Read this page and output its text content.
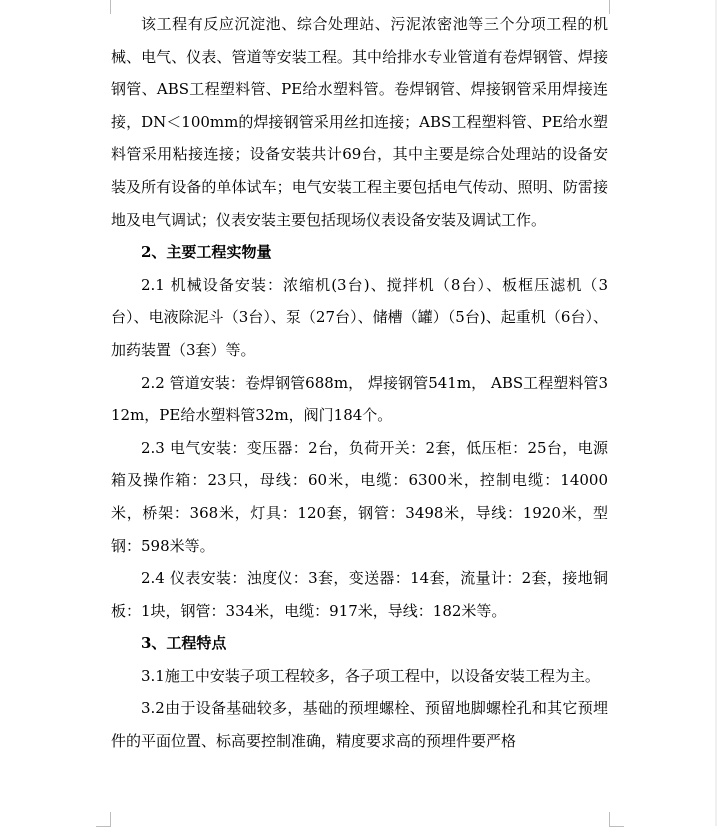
该工程有反应沉淀池、综合处理站、污泥浓密池等三个分项工程的机械、电气、仪表、管道等安装工程。其中给排水专业管道有卷焊钢管、焊接钢管、ABS工程塑料管、PE给水塑料管。卷焊钢管、焊接钢管采用焊接连接，DN＜100mm的焊接钢管采用丝扣连接；ABS工程塑料管、PE给水塑料管采用粘接连接；设备安装共计69台，其中主要是综合处理站的设备安装及所有设备的单体试车；电气安装工程主要包括电气传动、照明、防雷接地及电气调试；仪表安装主要包括现场仪表设备安装及调试工作。

2、主要工程实物量

2.1 机械设备安装：浓缩机(3台)、搅拌机（8台）、板框压滤机（3台）、电液除泥斗（3台）、泵（27台）、储槽（罐）（5台)、起重机（6台）、加药装置（3套）等。

2.2 管道安装：卷焊钢管688m， 焊接钢管541m， ABS工程塑料管312m，PE给水塑料管32m，阀门184个。

2.3 电气安装：变压器：2台，负荷开关：2套，低压柜：25台，电源箱及操作箱：23只，母线：60米，电缆：6300米，控制电缆：14000米，桥架：368米，灯具：120套，钢管：3498米，导线：1920米，型钢：598米等。

2.4 仪表安装：浊度仪：3套，变送器：14套，流量计：2套，接地铜板：1块，钢管：334米，电缆：917米，导线：182米等。

3、工程特点

3.1施工中安装子项工程较多，各子项工程中，以设备安装工程为主。

3.2由于设备基础较多，基础的预埋螺栓、预留地脚螺栓孔和其它预埋件的平面位置、标高要控制准确，精度要求高的预埋件要严格
